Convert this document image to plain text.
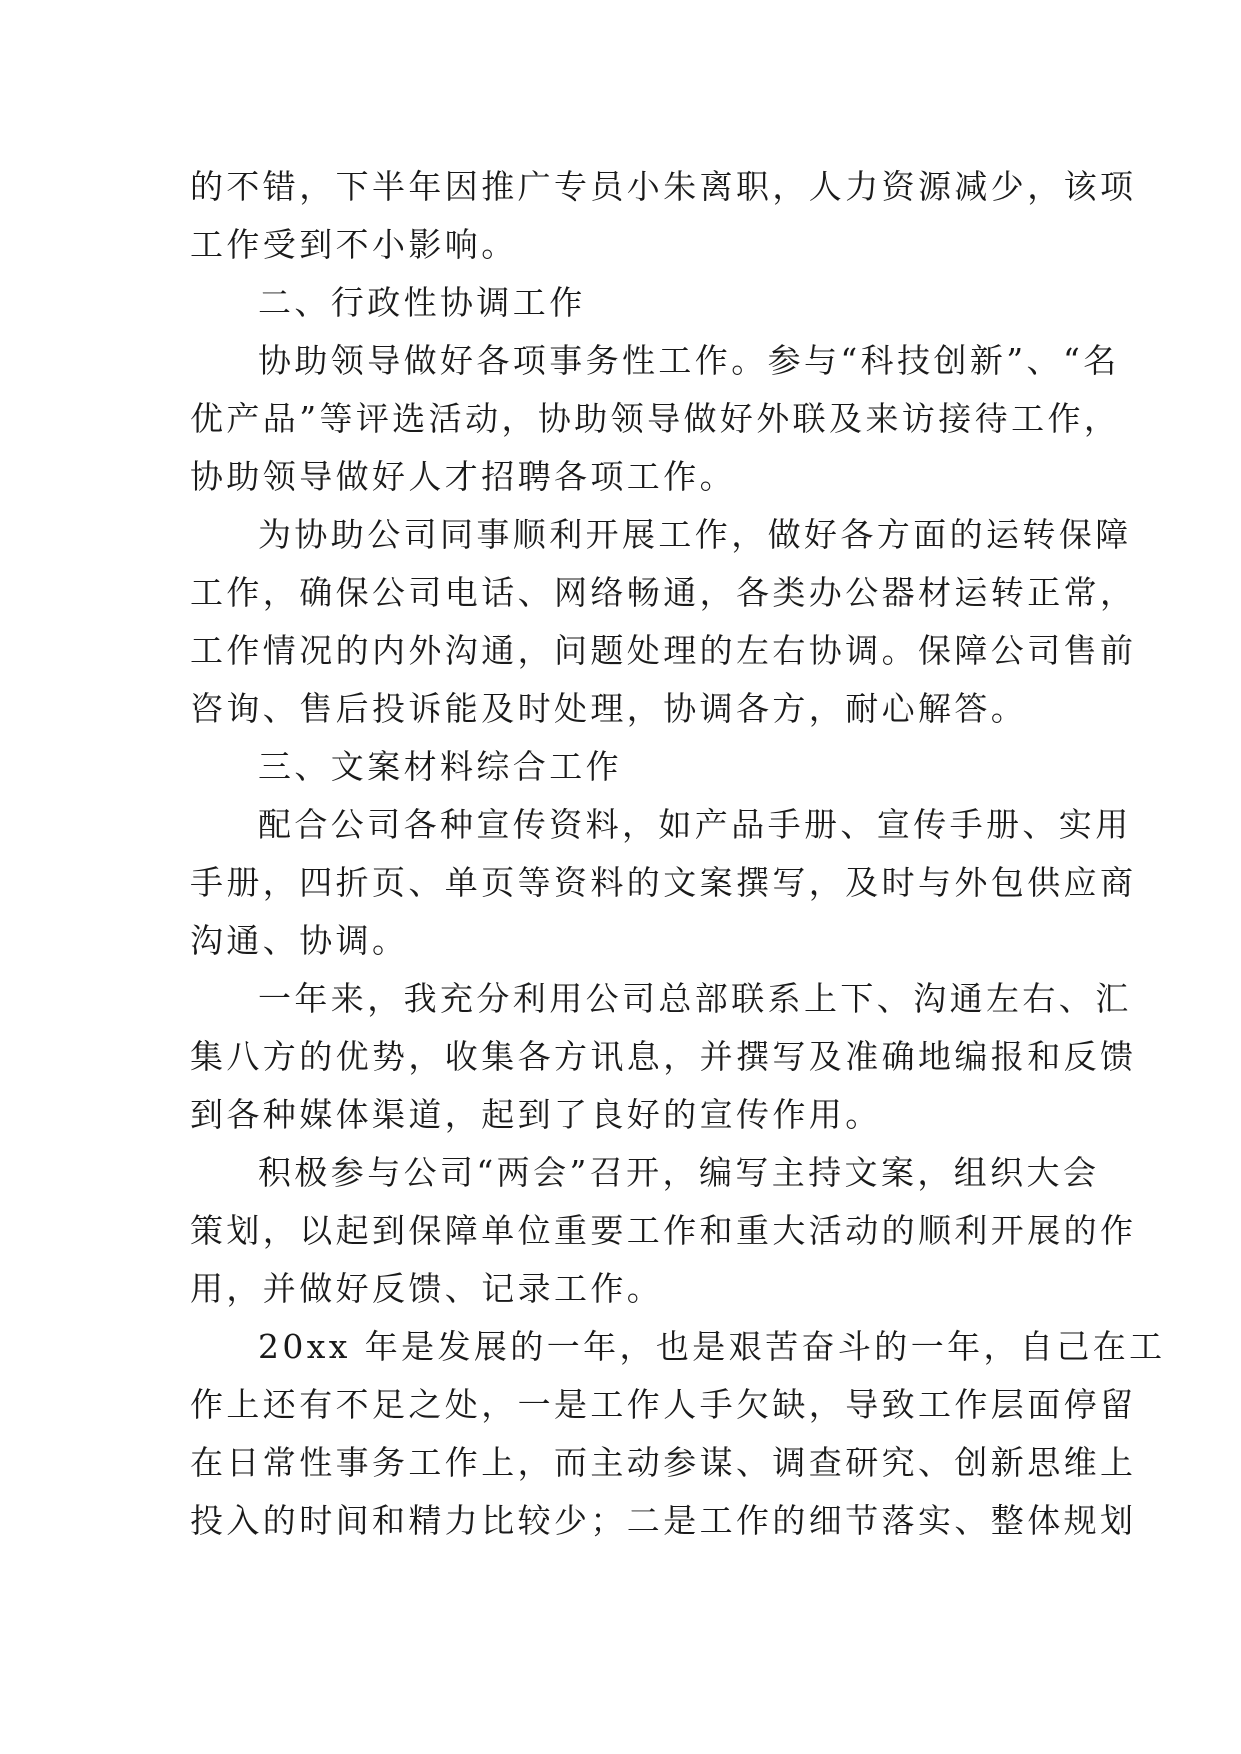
的不错，下半年因推广专员小朱离职，人力资源减少，该项
工作受到不小影响。

二、行政性协调工作

协助领导做好各项事务性工作。参与“科技创新”、“名
优产品”等评选活动，协助领导做好外联及来访接待工作，
协助领导做好人才招聘各项工作。

为协助公司同事顺利开展工作，做好各方面的运转保障
工作，确保公司电话、网络畅通，各类办公器材运转正常，
工作情况的内外沟通，问题处理的左右协调。保障公司售前
咨询、售后投诉能及时处理，协调各方，耐心解答。

三、文案材料综合工作

配合公司各种宣传资料，如产品手册、宣传手册、实用
手册，四折页、单页等资料的文案撰写，及时与外包供应商
沟通、协调。

一年来，我充分利用公司总部联系上下、沟通左右、汇
集八方的优势，收集各方讯息，并撰写及准确地编报和反馈
到各种媒体渠道，起到了良好的宣传作用。

积极参与公司“两会”召开，编写主持文案，组织大会
策划，以起到保障单位重要工作和重大活动的顺利开展的作
用，并做好反馈、记录工作。

20xx 年是发展的一年，也是艰苦奋斗的一年，自己在工
作上还有不足之处，一是工作人手欠缺，导致工作层面停留
在日常性事务工作上，而主动参谋、调查研究、创新思维上
投入的时间和精力比较少；二是工作的细节落实、整体规划
